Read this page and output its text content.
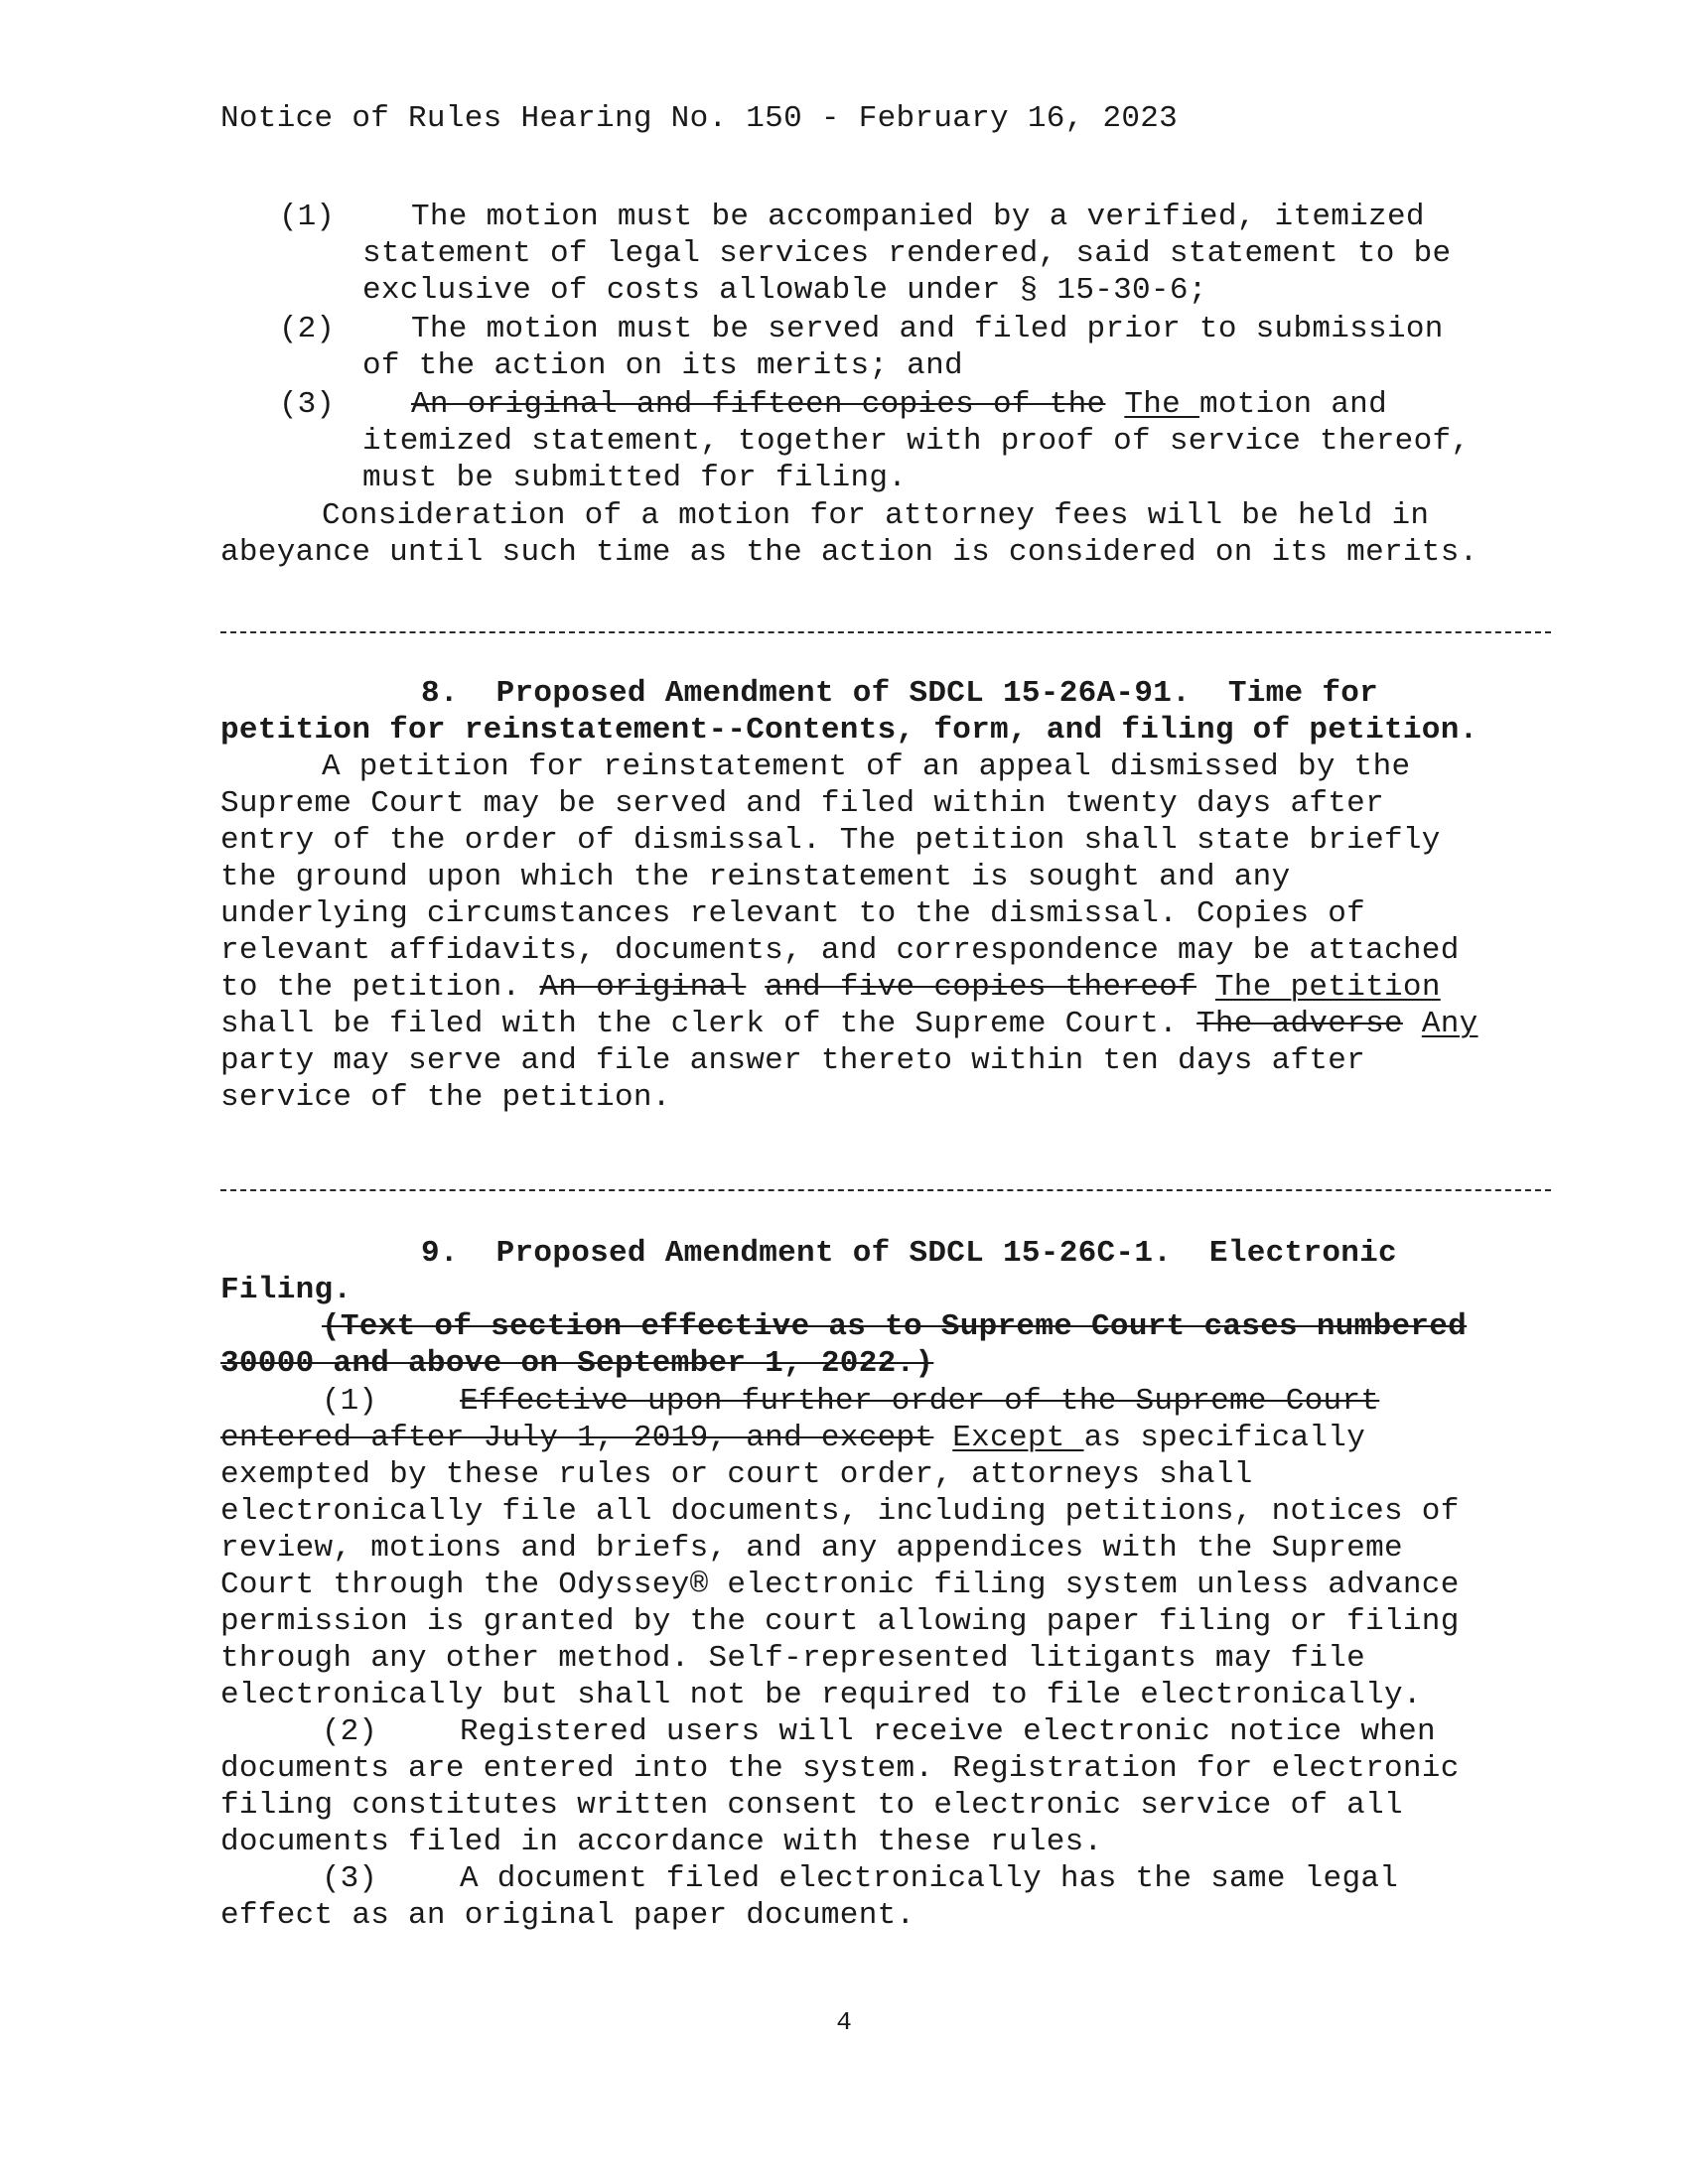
Notice of Rules Hearing No. 150 - February 16, 2023
(1) The motion must be accompanied by a verified, itemized
statement of legal services rendered, said statement to be
exclusive of costs allowable under § 15-30-6;
(2) The motion must be served and filed prior to submission
of the action on its merits; and
(3) An original and fifteen copies of the The motion and
itemized statement, together with proof of service thereof,
must be submitted for filing.
Consideration of a motion for attorney fees will be held in
abeyance until such time as the action is considered on its merits.
8.  Proposed Amendment of SDCL 15-26A-91.  Time for
petition for reinstatement--Contents, form, and filing of petition.
A petition for reinstatement of an appeal dismissed by the
Supreme Court may be served and filed within twenty days after
entry of the order of dismissal. The petition shall state briefly
the ground upon which the reinstatement is sought and any
underlying circumstances relevant to the dismissal. Copies of
relevant affidavits, documents, and correspondence may be attached
to the petition. An original and five copies thereof The petition
shall be filed with the clerk of the Supreme Court. The adverse Any
party may serve and file answer thereto within ten days after
service of the petition.
9.  Proposed Amendment of SDCL 15-26C-1.  Electronic
Filing.
(Text of section effective as to Supreme Court cases numbered
30000 and above on September 1, 2022.)
(1)	Effective upon further order of the Supreme Court
entered after July 1, 2019, and except Except as specifically
exempted by these rules or court order, attorneys shall
electronically file all documents, including petitions, notices of
review, motions and briefs, and any appendices with the Supreme
Court through the Odyssey® electronic filing system unless advance
permission is granted by the court allowing paper filing or filing
through any other method. Self-represented litigants may file
electronically but shall not be required to file electronically.
(2)	Registered users will receive electronic notice when
documents are entered into the system. Registration for electronic
filing constitutes written consent to electronic service of all
documents filed in accordance with these rules.
(3)	A document filed electronically has the same legal
effect as an original paper document.
4
